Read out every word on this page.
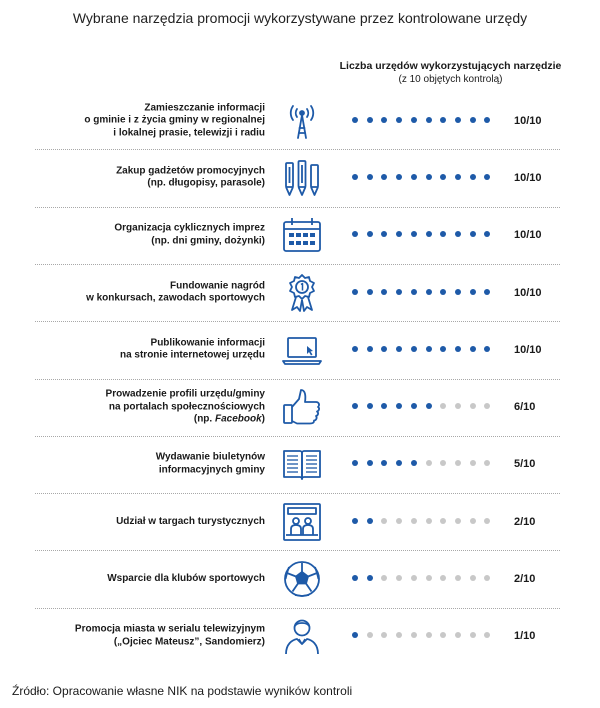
Wybrane narzędzia promocji wykorzystywane przez kontrolowane urzędy
Liczba urzędów wykorzystujących narzędzie
(z 10 objętych kontrolą)
Zamieszczanie informacji
o gminie i z życia gminy w regionalnej
i lokalnej prasie, telewizji i radiu
10/10
Zakup gadżetów promocyjnych
(np. długopisy, parasole)	10/10
Organizacja cyklicznych imprez
(np. dni gminy, dożynki)	10/10
Fundowanie nagród
w konkursach, zawodach sportowych	10/10
Publikowanie informacji
na stronie internetowej urzędu	10/10
Prowadzenie profili urzędu/gminy
na portalach społecznościowych
(np. Facebook)
6/10
Wydawanie biuletynów
informacyjnych gminy	5/10
Udział w targach turystycznych	2/10
Wsparcie dla klubów sportowych	2/10
Promocja miasta w serialu telewizyjnym
(„Ojciec Mateusz”, Sandomierz)	1/10
Źródło: Opracowanie własne NIK na podstawie wyników kontroli
